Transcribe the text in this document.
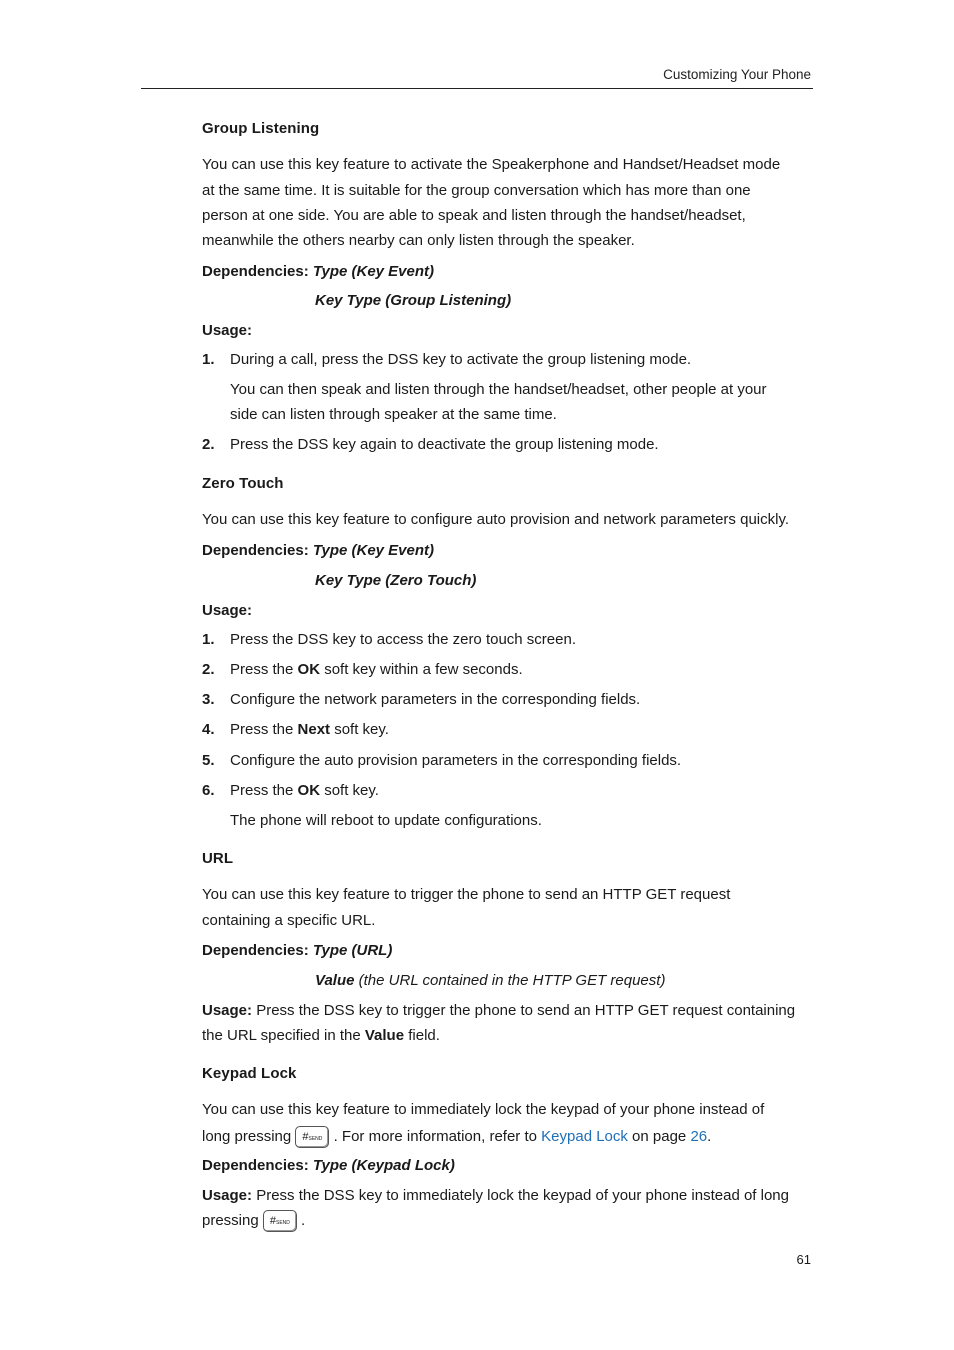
Customizing Your Phone
Group Listening
You can use this key feature to activate the Speakerphone and Handset/Headset mode
at the same time. It is suitable for the group conversation which has more than one
person at one side. You are able to speak and listen through the handset/headset,
meanwhile the others nearby can only listen through the speaker.
Dependencies: Type (Key Event)
Key Type (Group Listening)
Usage:
1. During a call, press the DSS key to activate the group listening mode.
You can then speak and listen through the handset/headset, other people at your
side can listen through speaker at the same time.
2. Press the DSS key again to deactivate the group listening mode.
Zero Touch
You can use this key feature to configure auto provision and network parameters quickly.
Dependencies: Type (Key Event)
Key Type (Zero Touch)
Usage:
1. Press the DSS key to access the zero touch screen.
2. Press the OK soft key within a few seconds.
3. Configure the network parameters in the corresponding fields.
4. Press the Next soft key.
5. Configure the auto provision parameters in the corresponding fields.
6. Press the OK soft key.
The phone will reboot to update configurations.
URL
You can use this key feature to trigger the phone to send an HTTP GET request
containing a specific URL.
Dependencies: Type (URL)
Value (the URL contained in the HTTP GET request)
Usage: Press the DSS key to trigger the phone to send an HTTP GET request containing
the URL specified in the Value field.
Keypad Lock
You can use this key feature to immediately lock the keypad of your phone instead of
long pressing #SEND . For more information, refer to Keypad Lock on page 26.
Dependencies: Type (Keypad Lock)
Usage: Press the DSS key to immediately lock the keypad of your phone instead of long
pressing #SEND .
61
